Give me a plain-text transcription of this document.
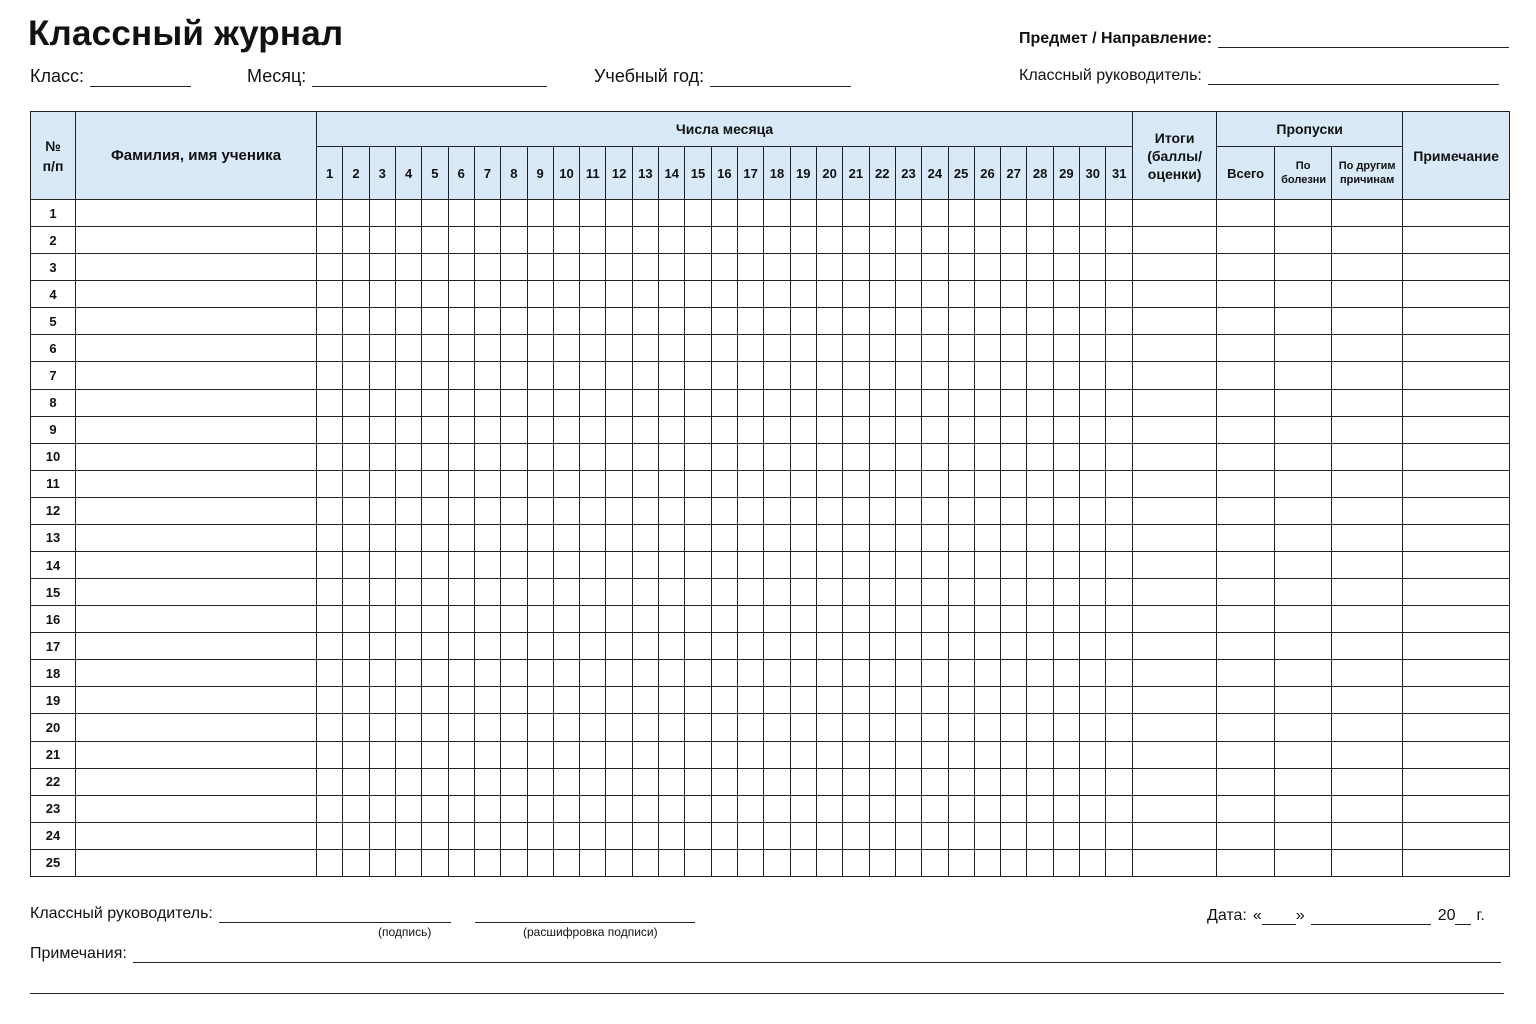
Классный журнал
Класс:	Месяц:	Учебный год:
Предмет / Направление:
Классный руководитель:
№ п/п	Фамилия, имя ученика	Числа месяца																															Итоги (баллы/ оценки)	Пропуски			Примечание
		1	2	3	4	5	6	7	8	9	10	11	12	13	14	15	16	17	18	19	20	21	22	23	24	25	26	27	28	29	30	31		Всего	По болезни	По другим причинам	
1																																					
2																																					
3																																					
4																																					
5																																					
6																																					
7																																					
8																																					
9																																					
10																																					
11																																					
12																																					
13																																					
14																																					
15																																					
16																																					
17																																					
18																																					
19																																					
20																																					
21																																					
22																																					
23																																					
24																																					
25																																					
Классный руководитель:
(подпись)	(расшифровка подписи)
Дата: « »	20	г.
Примечания:
